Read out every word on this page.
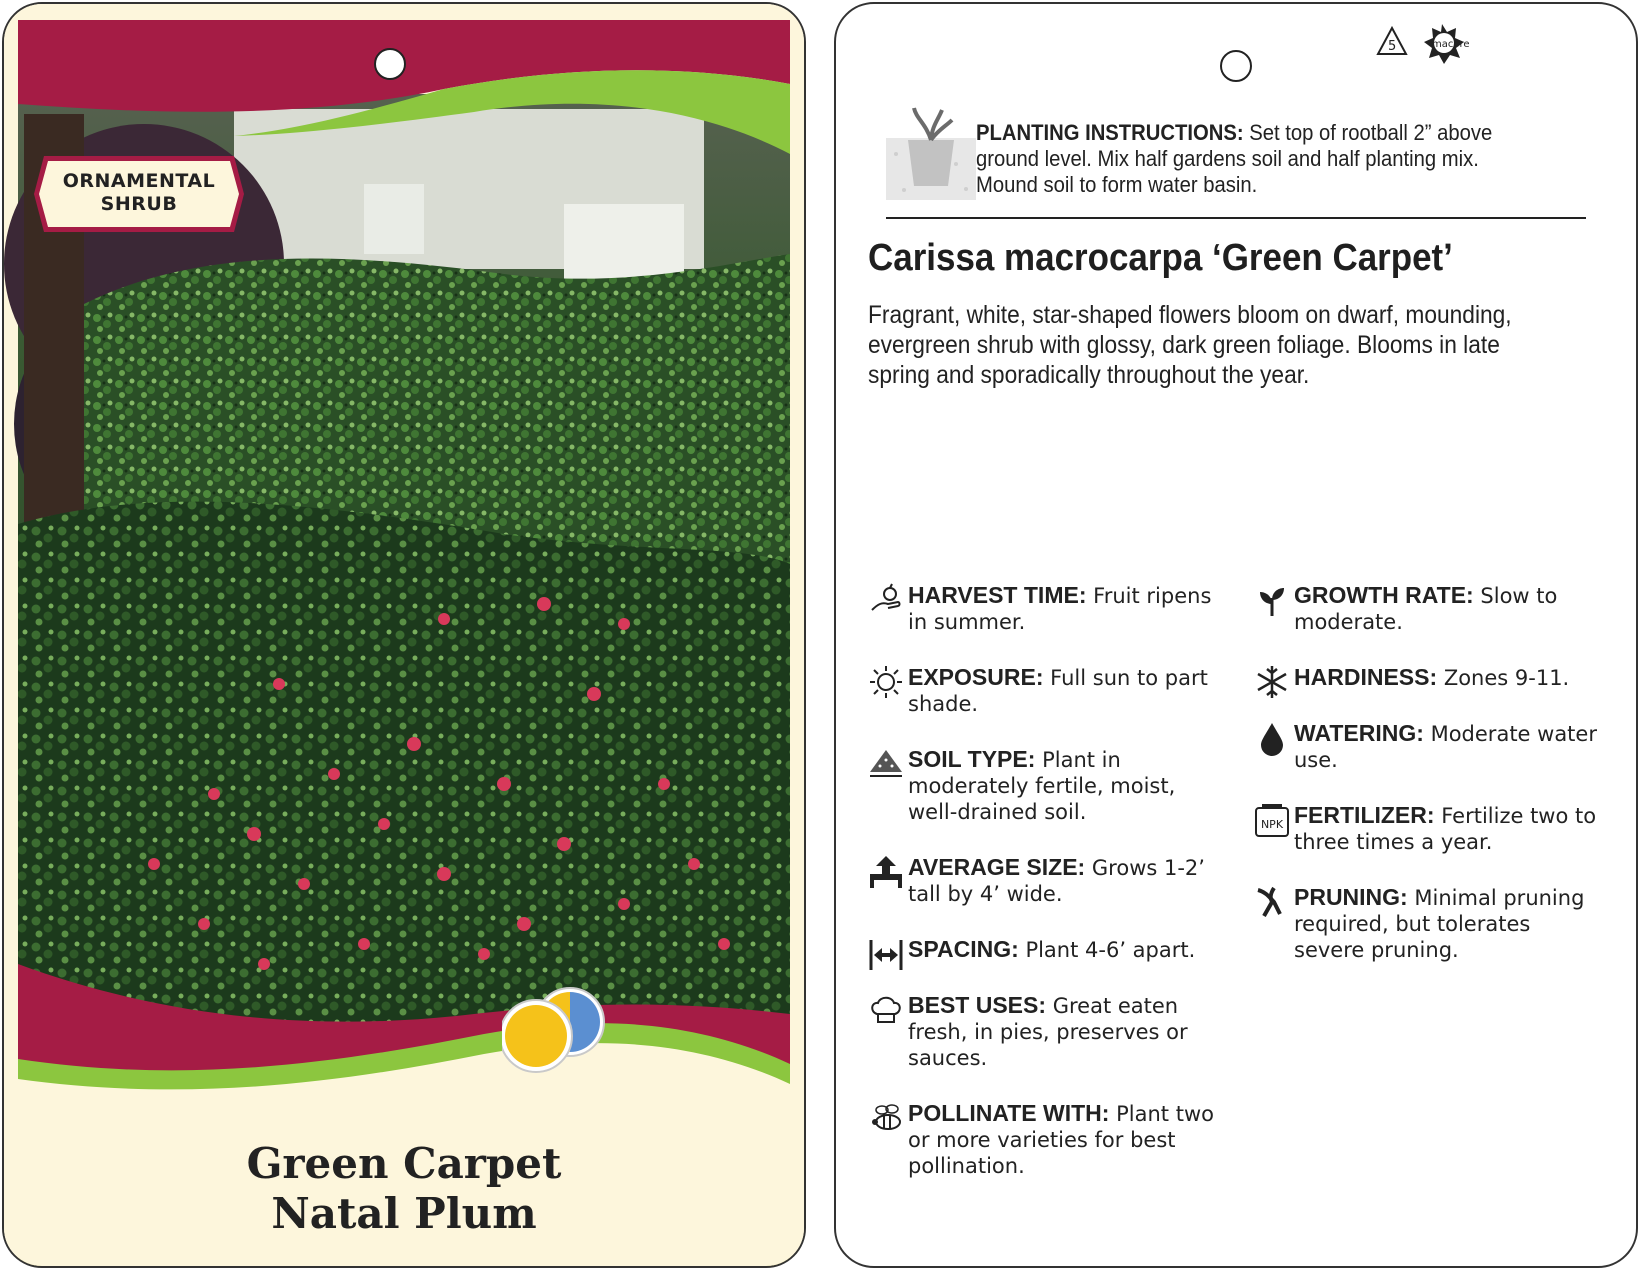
ORNAMENTAL
SHRUB
Green Carpet
Natal Plum
5	macore
PLANTING INSTRUCTIONS: Set top of rootball 2” above ground level. Mix half gardens soil and half planting mix. Mound soil to form water basin.
Carissa macrocarpa ‘Green Carpet’
Fragrant, white, star-shaped flowers bloom on dwarf, mounding, evergreen shrub with glossy, dark green foliage. Blooms in late spring and sporadically throughout the year.
HARVEST TIME: Fruit ripens in summer.
EXPOSURE: Full sun to part shade.
SOIL TYPE: Plant in moderately fertile, moist, well-drained soil.
AVERAGE SIZE: Grows 1-2’ tall by 4’ wide.
SPACING: Plant 4-6’ apart.
BEST USES: Great eaten fresh, in pies, preserves or sauces.
POLLINATE WITH: Plant two or more varieties for best pollination.
GROWTH RATE: Slow to moderate.
HARDINESS: Zones 9-11.
WATERING: Moderate water use.
NPK FERTILIZER: Fertilize two to three times a year.
PRUNING: Minimal pruning required, but tolerates severe pruning.
